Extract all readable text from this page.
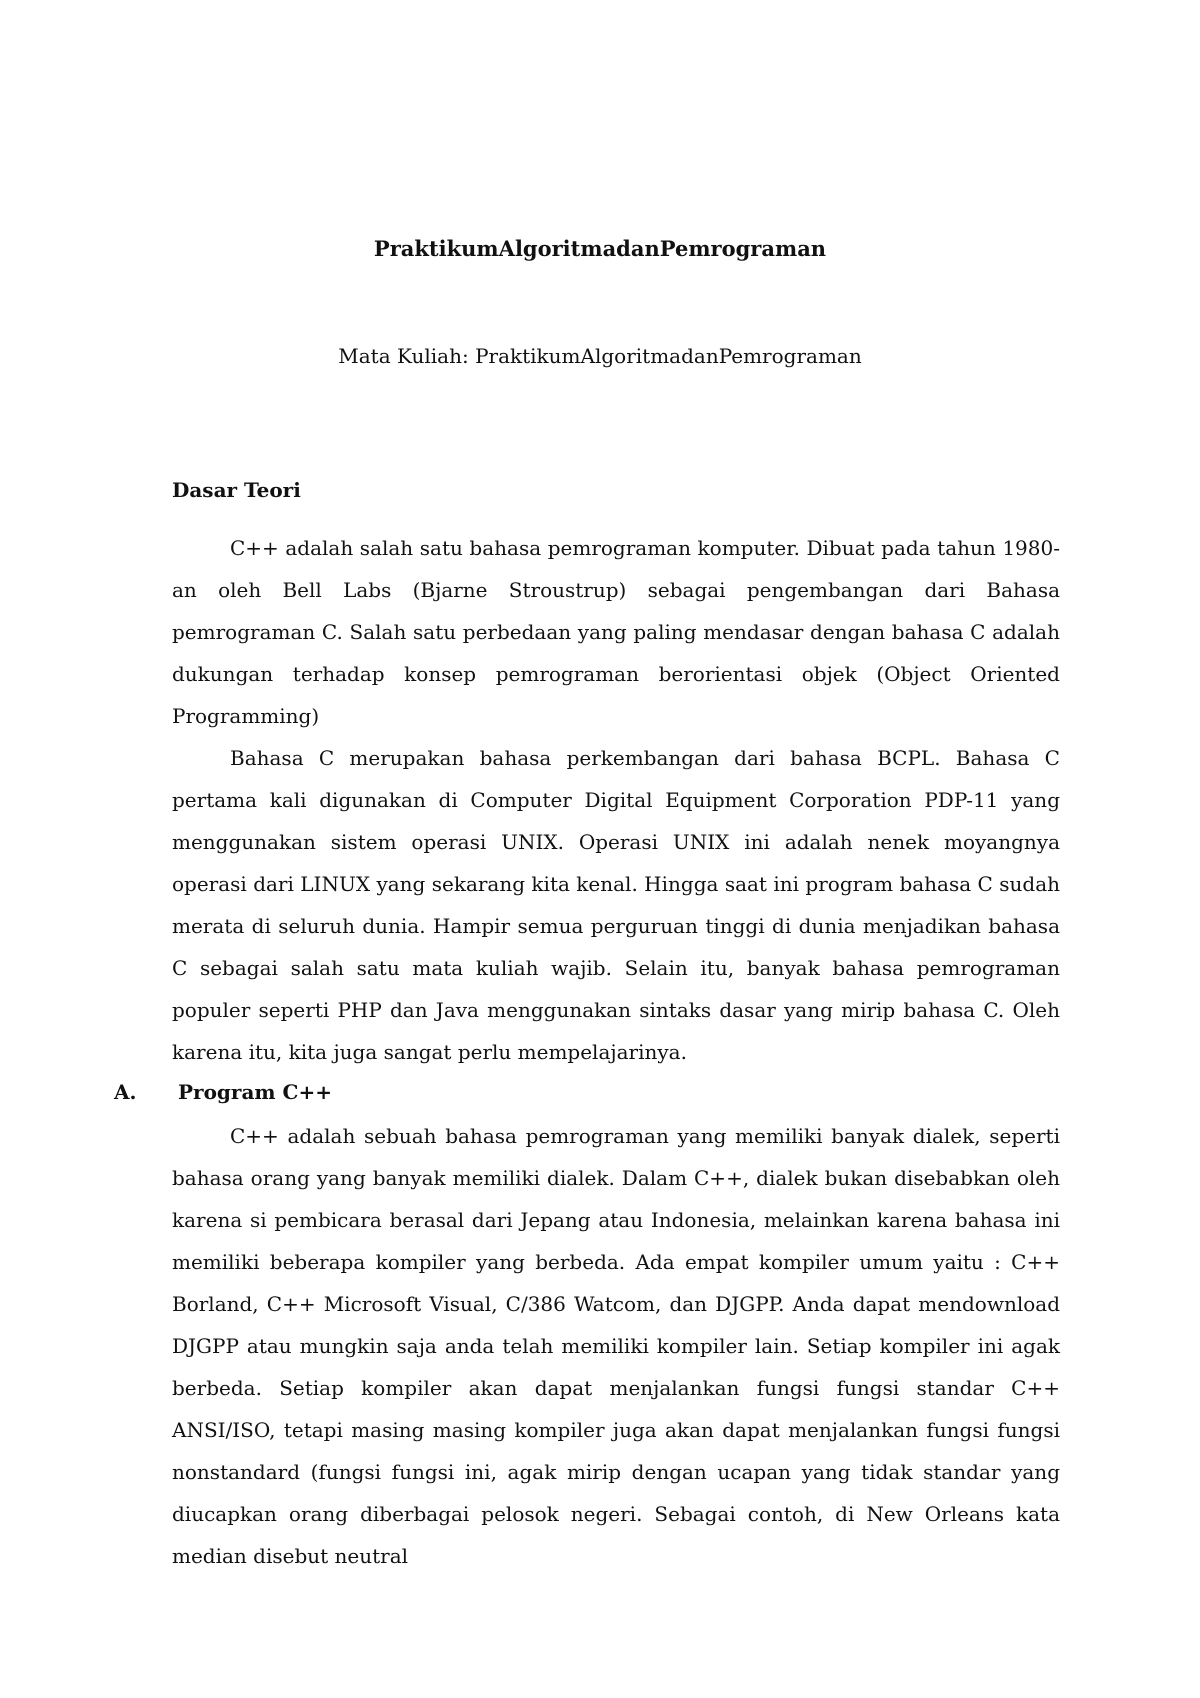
PraktikumAlgoritmadanPemrograman
Mata Kuliah: PraktikumAlgoritmadanPemrograman
Dasar Teori

C++ adalah salah satu bahasa pemrograman komputer. Dibuat pada tahun 1980-an oleh Bell Labs (Bjarne Stroustrup) sebagai pengembangan dari Bahasa pemrograman C. Salah satu perbedaan yang paling mendasar dengan bahasa C adalah dukungan terhadap konsep pemrograman berorientasi objek (Object Oriented Programming)

Bahasa C merupakan bahasa perkembangan dari bahasa BCPL. Bahasa C pertama kali digunakan di Computer Digital Equipment Corporation PDP-11 yang menggunakan sistem operasi UNIX. Operasi UNIX ini adalah nenek moyangnya operasi dari LINUX yang sekarang kita kenal. Hingga saat ini program bahasa C sudah merata di seluruh dunia. Hampir semua perguruan tinggi di dunia menjadikan bahasa C sebagai salah satu mata kuliah wajib. Selain itu, banyak bahasa pemrograman populer seperti PHP dan Java menggunakan sintaks dasar yang mirip bahasa C. Oleh karena itu, kita juga sangat perlu mempelajarinya.

A. Program C++

C++ adalah sebuah bahasa pemrograman yang memiliki banyak dialek, seperti bahasa orang yang banyak memiliki dialek. Dalam C++, dialek bukan disebabkan oleh karena si pembicara berasal dari Jepang atau Indonesia, melainkan karena bahasa ini memiliki beberapa kompiler yang berbeda. Ada empat kompiler umum yaitu : C++ Borland, C++ Microsoft Visual, C/386 Watcom, dan DJGPP. Anda dapat mendownload DJGPP atau mungkin saja anda telah memiliki kompiler lain. Setiap kompiler ini agak berbeda. Setiap kompiler akan dapat menjalankan fungsi fungsi standar C++ ANSI/ISO, tetapi masing masing kompiler juga akan dapat menjalankan fungsi fungsi nonstandard (fungsi fungsi ini, agak mirip dengan ucapan yang tidak standar yang diucapkan orang diberbagai pelosok negeri. Sebagai contoh, di New Orleans kata median disebut neutral
